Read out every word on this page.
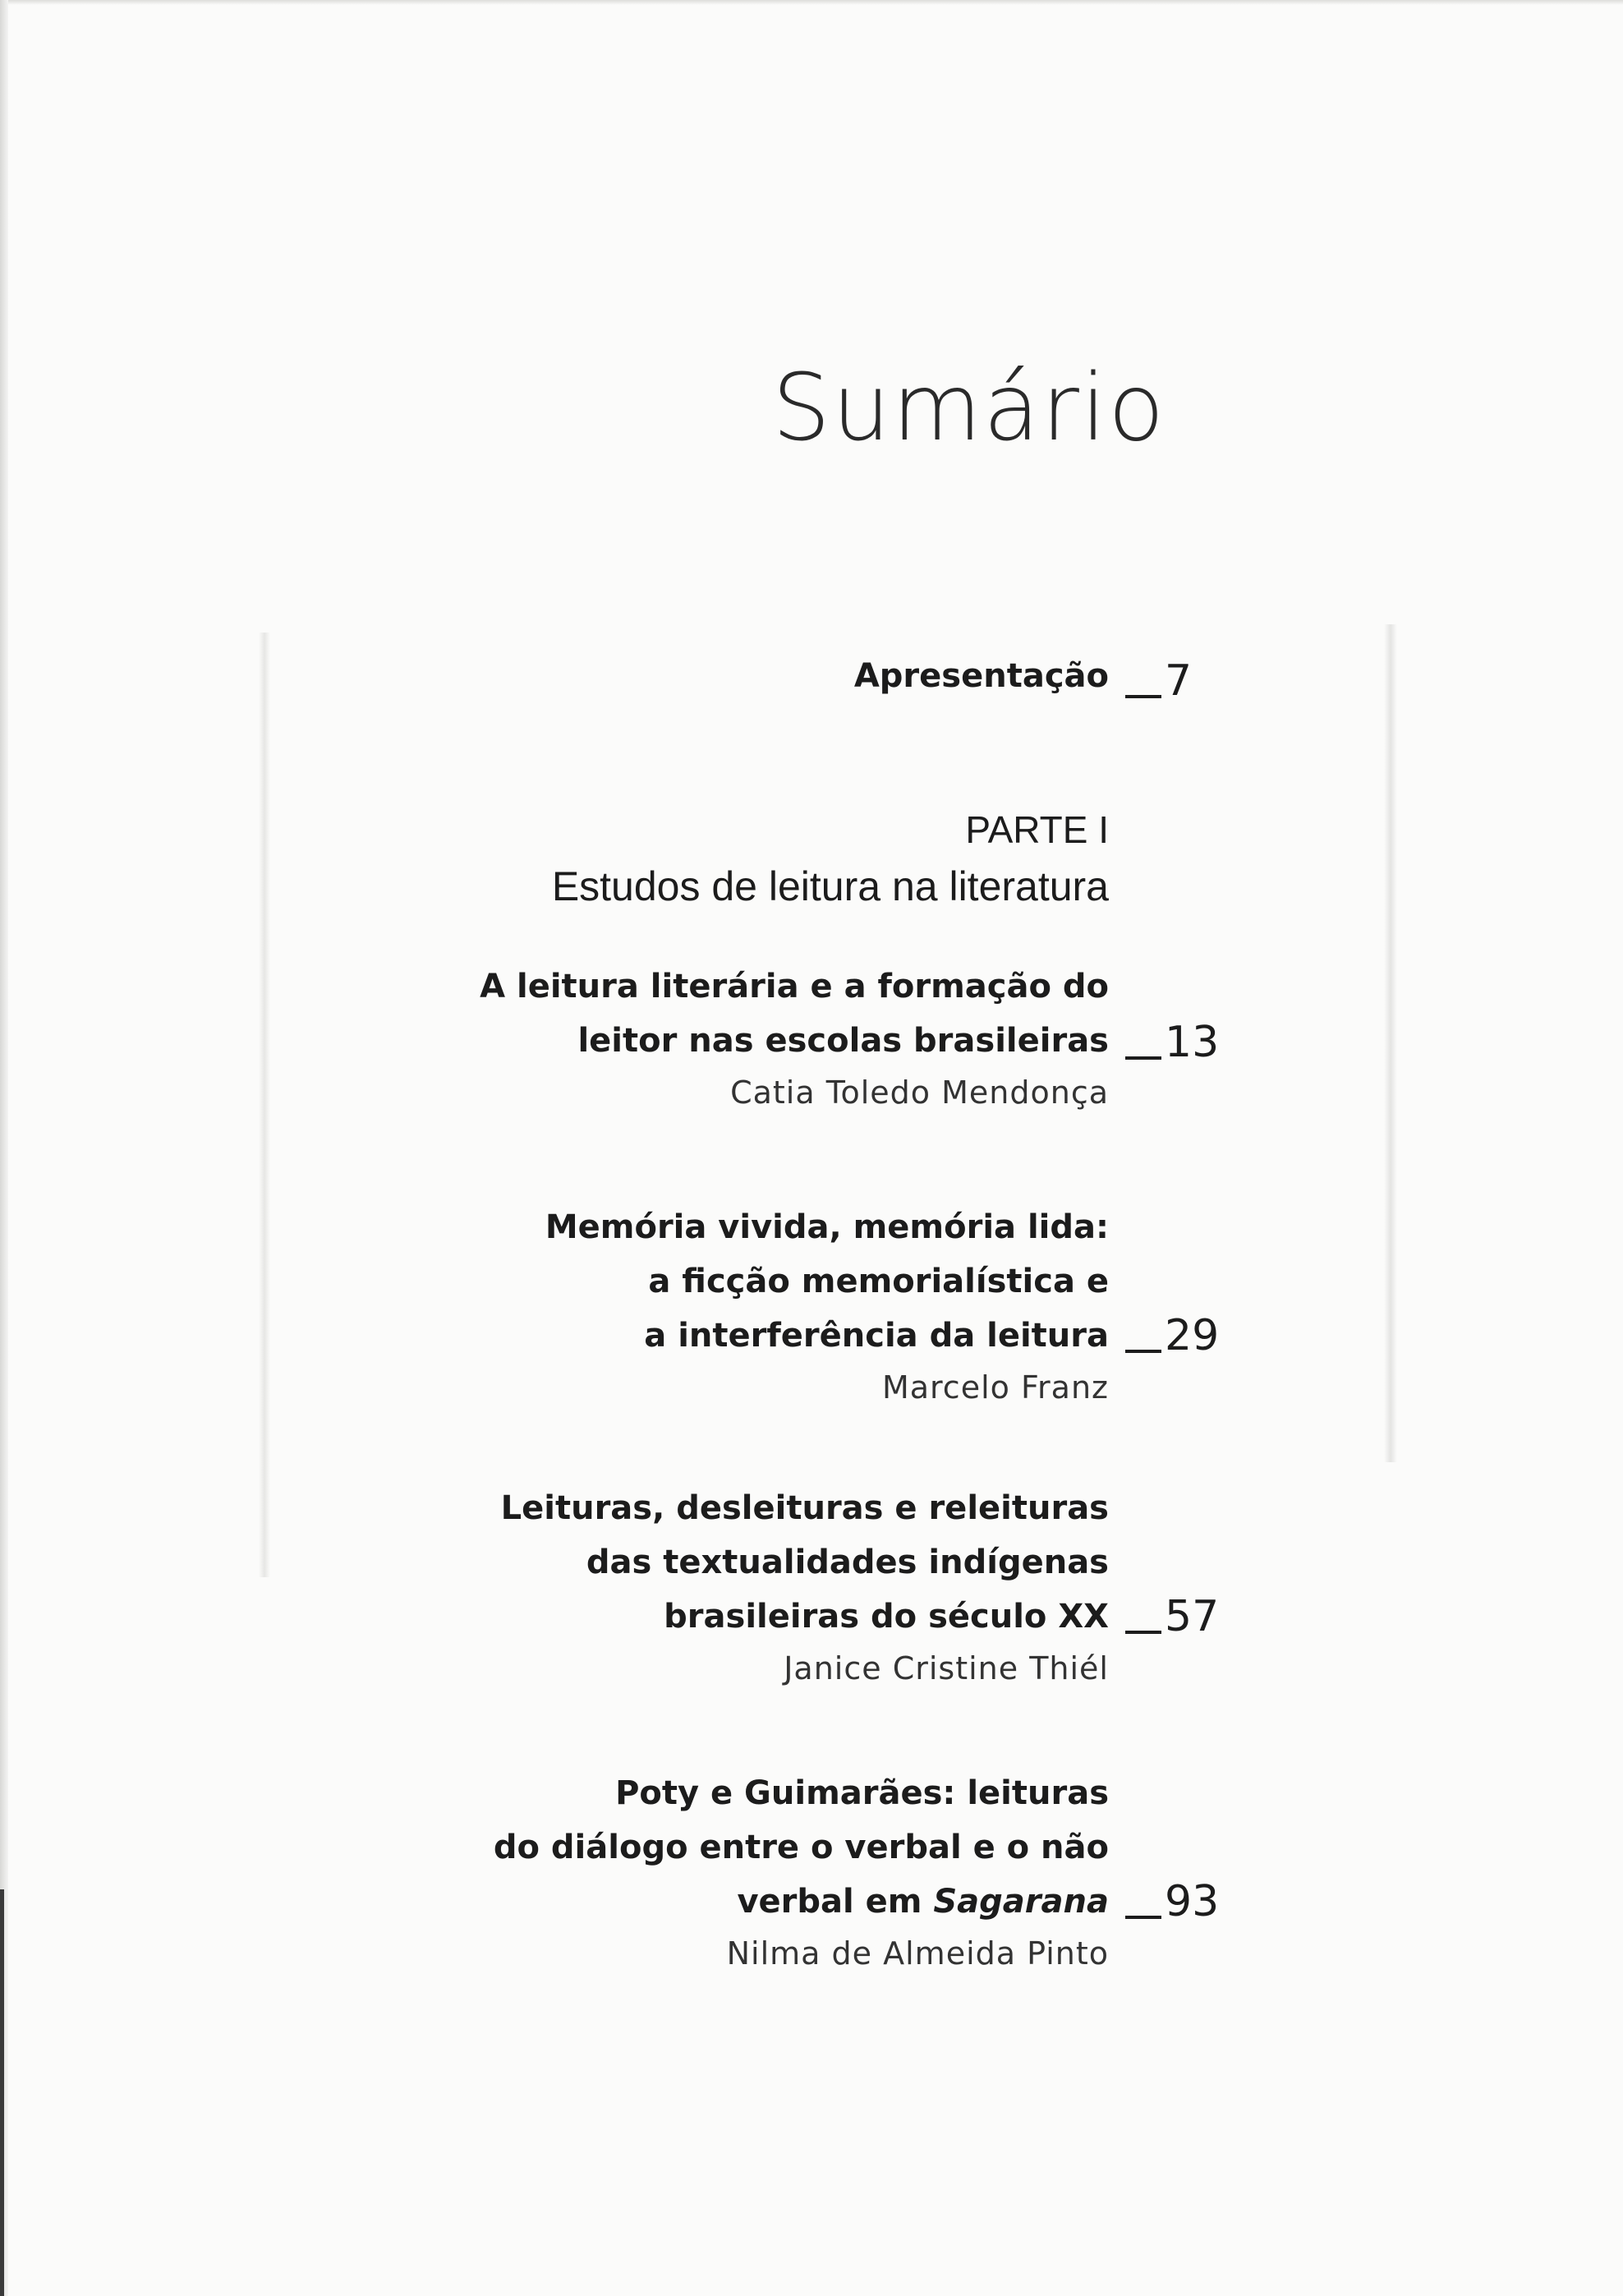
Sumário
Apresentação	7
PARTE I
Estudos de leitura na literatura
A leitura literária e a formação do
leitor nas escolas brasileiras
Catia Toledo Mendonça
13
Memória vivida, memória lida:
a ficção memorialística e
a interferência da leitura
Marcelo Franz
29
Leituras, desleituras e releituras
das textualidades indígenas
brasileiras do século XX
Janice Cristine Thiél
57
Poty e Guimarães: leituras
do diálogo entre o verbal e o não
verbal em Sagarana
Nilma de Almeida Pinto
93
